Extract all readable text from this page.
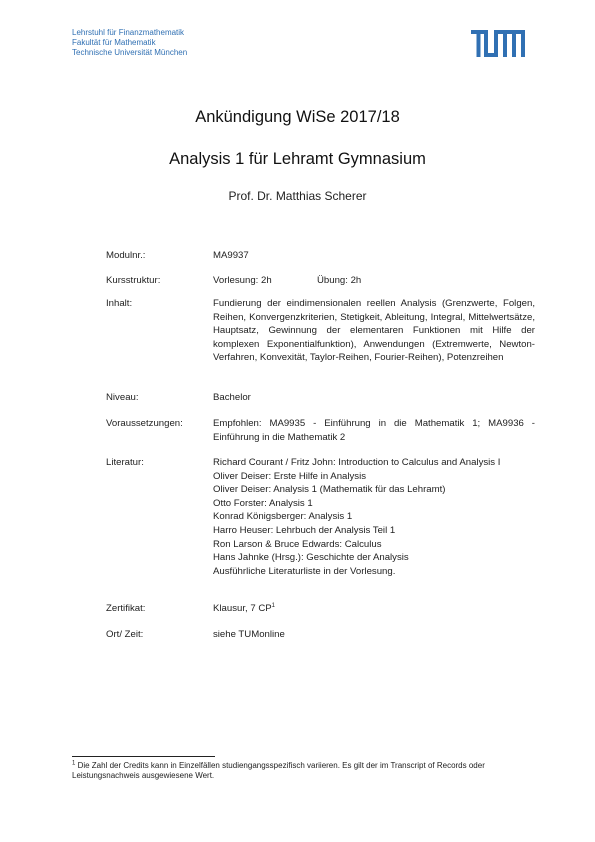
Lehrstuhl für Finanzmathematik
Fakultät für Mathematik
Technische Universität München
Ankündigung WiSe 2017/18
Analysis 1 für Lehramt Gymnasium
Prof. Dr. Matthias Scherer
Modulnr.:	MA9937
Kursstruktur:	Vorlesung: 2h	Übung: 2h
Inhalt:	Fundierung der eindimensionalen reellen Analysis (Grenzwerte, Folgen, Reihen, Konvergenzkriterien, Stetigkeit, Ableitung, Integral, Mittelwertsätze, Hauptsatz, Gewinnung der elementaren Funktionen mit Hilfe der komplexen Exponentialfunktion), Anwendungen (Extremwerte, Newton-Verfahren, Konvexität, Taylor-Reihen, Fourier-Reihen), Potenzreihen
Niveau:	Bachelor
Voraussetzungen:	Empfohlen: MA9935 - Einführung in die Mathematik 1; MA9936 - Einführung in die Mathematik 2
Literatur:	Richard Courant / Fritz John: Introduction to Calculus and Analysis I
Oliver Deiser: Erste Hilfe in Analysis
Oliver Deiser: Analysis 1 (Mathematik für das Lehramt)
Otto Forster: Analysis 1
Konrad Königsberger: Analysis 1
Harro Heuser: Lehrbuch der Analysis Teil 1
Ron Larson & Bruce Edwards: Calculus
Hans Jahnke (Hrsg.): Geschichte der Analysis
Ausführliche Literaturliste in der Vorlesung.
Zertifikat:	Klausur, 7 $CP^1$
Ort/ Zeit:	siehe TUMonline
$^1$ Die Zahl der Credits kann in Einzelfällen studiengangsspezifisch variieren. Es gilt der im Transcript of Records oder Leistungsnachweis ausgewiesene Wert.
